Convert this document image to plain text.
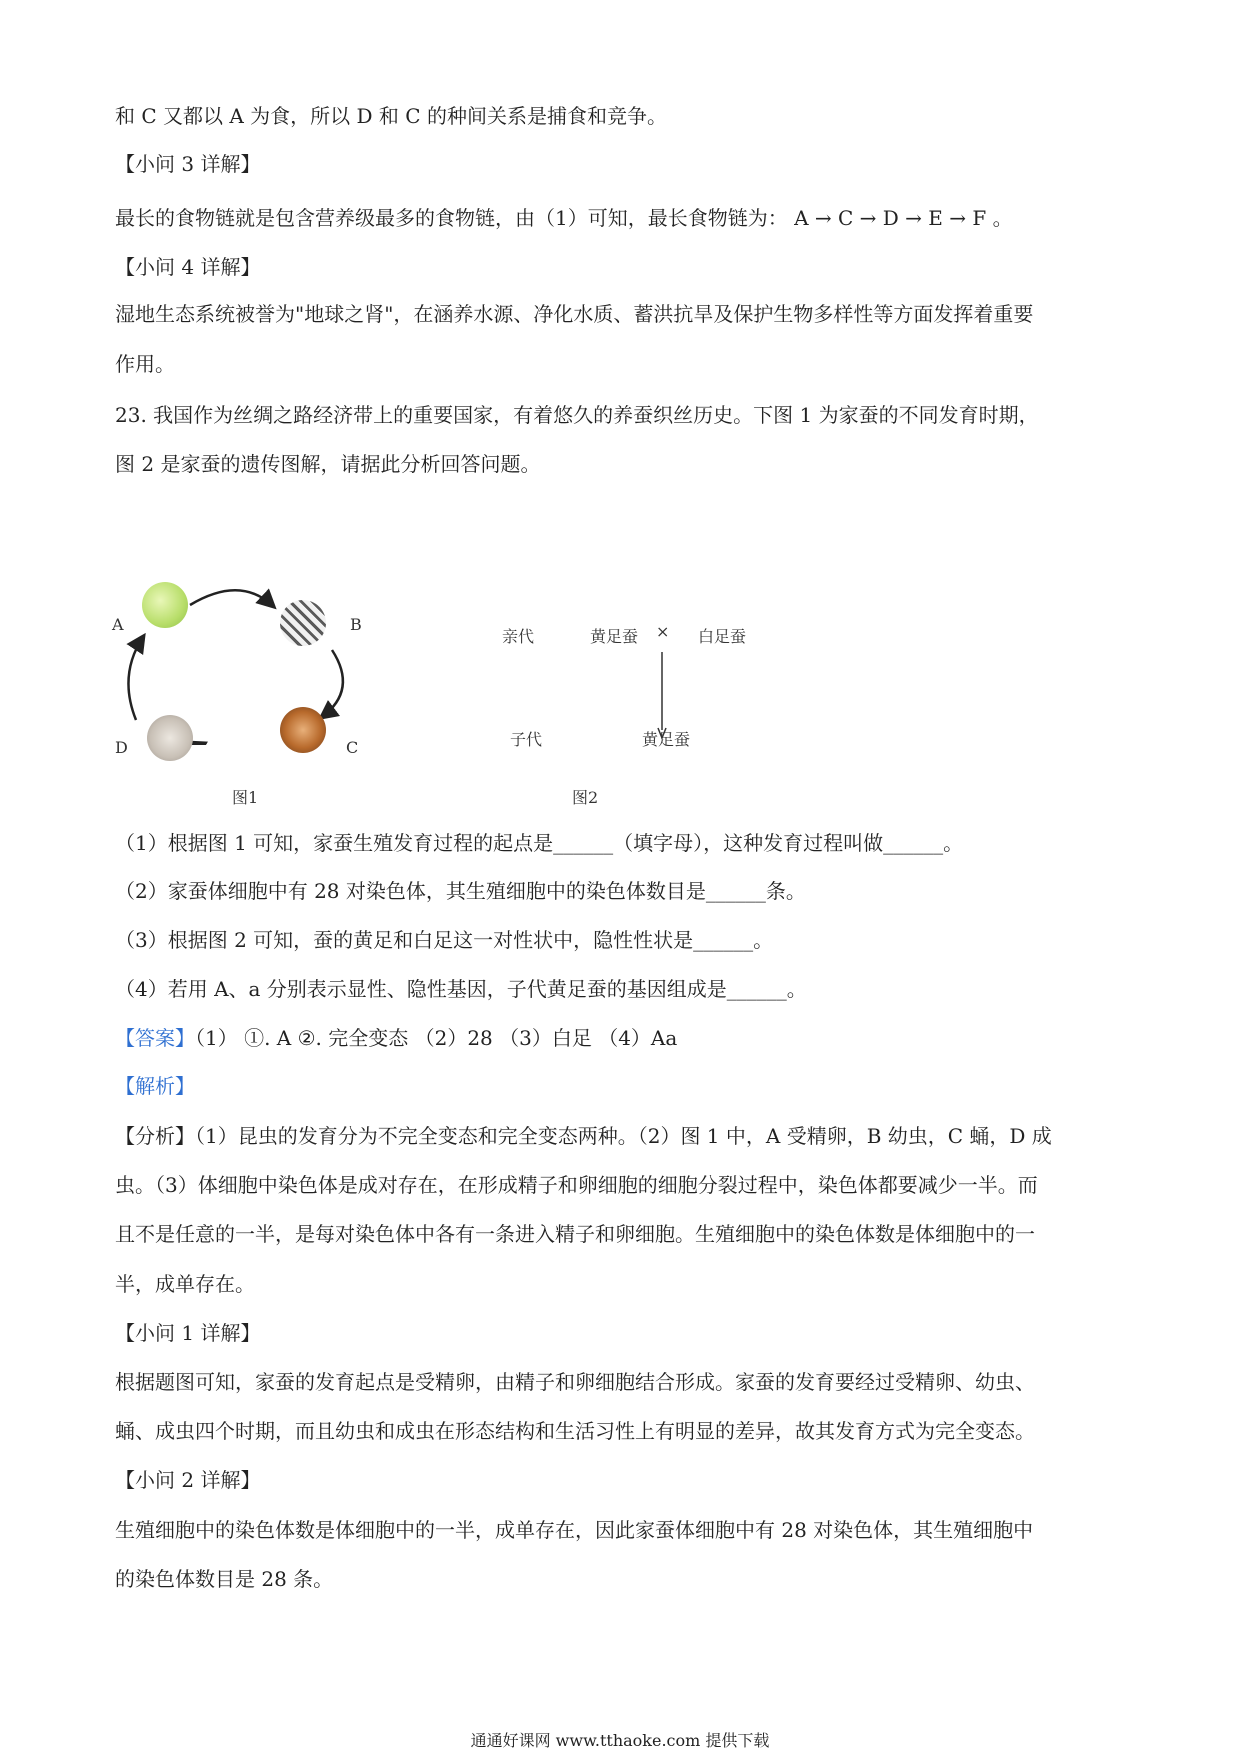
和 C 又都以 A 为食，所以 D 和 C 的种间关系是捕食和竞争。
【小问 3 详解】
最长的食物链就是包含营养级最多的食物链，由（1）可知，最长食物链为： A → C → D → E → F 。
【小问 4 详解】
湿地生态系统被誉为"地球之肾"，在涵养水源、净化水质、蓄洪抗旱及保护生物多样性等方面发挥着重要
作用。
23. 我国作为丝绸之路经济带上的重要国家，有着悠久的养蚕织丝历史。下图 1 为家蚕的不同发育时期，
图 2 是家蚕的遗传图解，请据此分析回答问题。
A	B
C
D
图1
亲代	黄足蚕 × 白足蚕
子代	黄足蚕
图2
（1）根据图 1 可知，家蚕生殖发育过程的起点是______（填字母），这种发育过程叫做______。
（2）家蚕体细胞中有 28 对染色体，其生殖细胞中的染色体数目是______条。
（3）根据图 2 可知，蚕的黄足和白足这一对性状中，隐性性状是______。
（4）若用 A、a 分别表示显性、隐性基因，子代黄足蚕的基因组成是______。
【答案】（1） ①. A ②. 完全变态 （2）28 （3）白足 （4）Aa
【解析】
【分析】（1）昆虫的发育分为不完全变态和完全变态两种。（2）图 1 中，A 受精卵，B 幼虫，C 蛹，D 成
虫。（3）体细胞中染色体是成对存在，在形成精子和卵细胞的细胞分裂过程中，染色体都要减少一半。而
且不是任意的一半，是每对染色体中各有一条进入精子和卵细胞。生殖细胞中的染色体数是体细胞中的一
半，成单存在。
【小问 1 详解】
根据题图可知，家蚕的发育起点是受精卵，由精子和卵细胞结合形成。家蚕的发育要经过受精卵、幼虫、
蛹、成虫四个时期，而且幼虫和成虫在形态结构和生活习性上有明显的差异，故其发育方式为完全变态。
【小问 2 详解】
生殖细胞中的染色体数是体细胞中的一半，成单存在，因此家蚕体细胞中有 28 对染色体，其生殖细胞中
的染色体数目是 28 条。
通通好课网 www.tthaoke.com 提供下载
